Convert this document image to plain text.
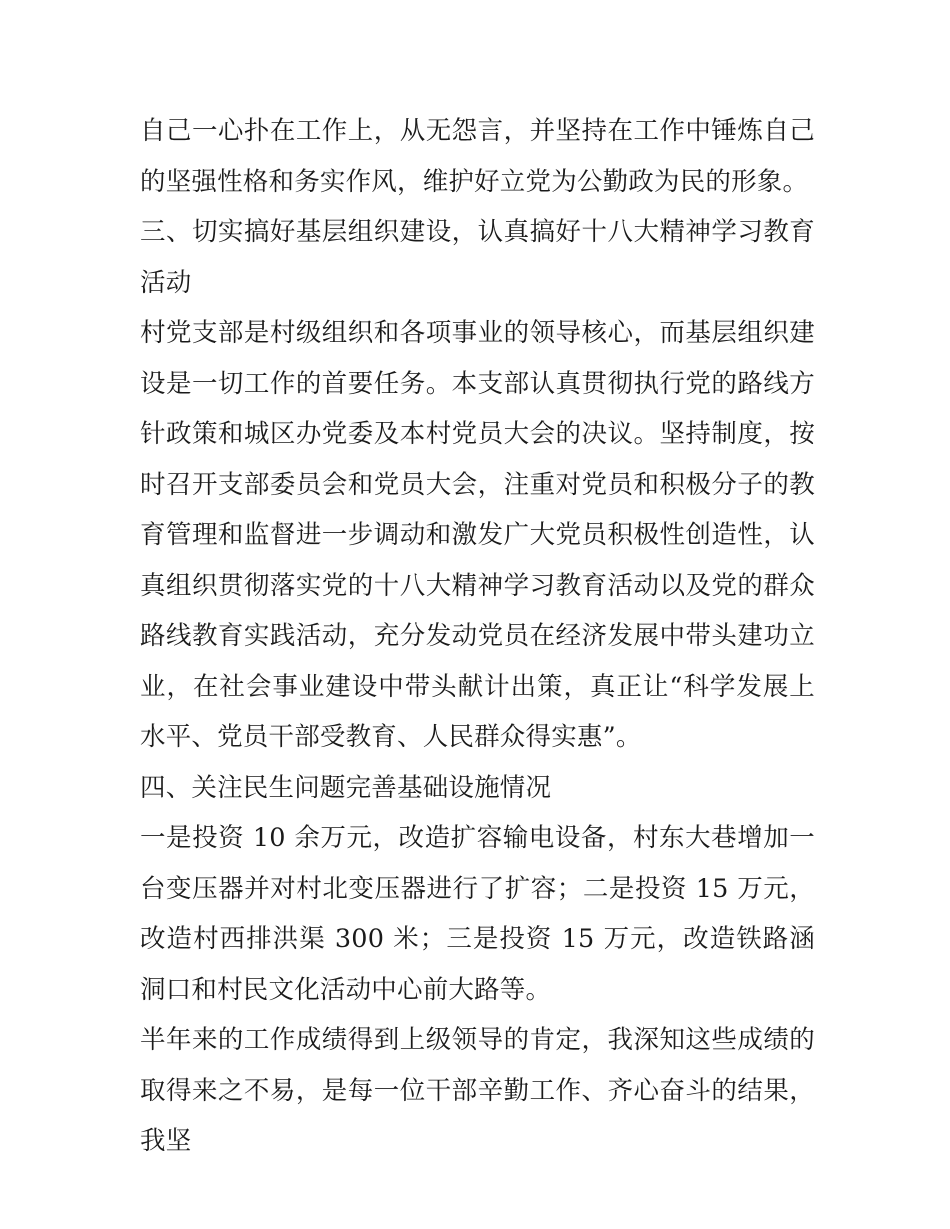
自己一心扑在工作上，从无怨言，并坚持在工作中锤炼自己的坚强性格和务实作风，维护好立党为公勤政为民的形象。

三、切实搞好基层组织建设，认真搞好十八大精神学习教育活动

村党支部是村级组织和各项事业的领导核心，而基层组织建设是一切工作的首要任务。本支部认真贯彻执行党的路线方针政策和城区办党委及本村党员大会的决议。坚持制度，按时召开支部委员会和党员大会，注重对党员和积极分子的教育管理和监督进一步调动和激发广大党员积极性创造性，认真组织贯彻落实党的十八大精神学习教育活动以及党的群众路线教育实践活动，充分发动党员在经济发展中带头建功立业，在社会事业建设中带头献计出策，真正让“科学发展上水平、党员干部受教育、人民群众得实惠”。

四、关注民生问题完善基础设施情况

一是投资 10 余万元，改造扩容输电设备，村东大巷增加一台变压器并对村北变压器进行了扩容；二是投资 15 万元，改造村西排洪渠 300 米；三是投资 15 万元，改造铁路涵洞口和村民文化活动中心前大路等。

半年来的工作成绩得到上级领导的肯定，我深知这些成绩的取得来之不易，是每一位干部辛勤工作、齐心奋斗的结果，我坚
